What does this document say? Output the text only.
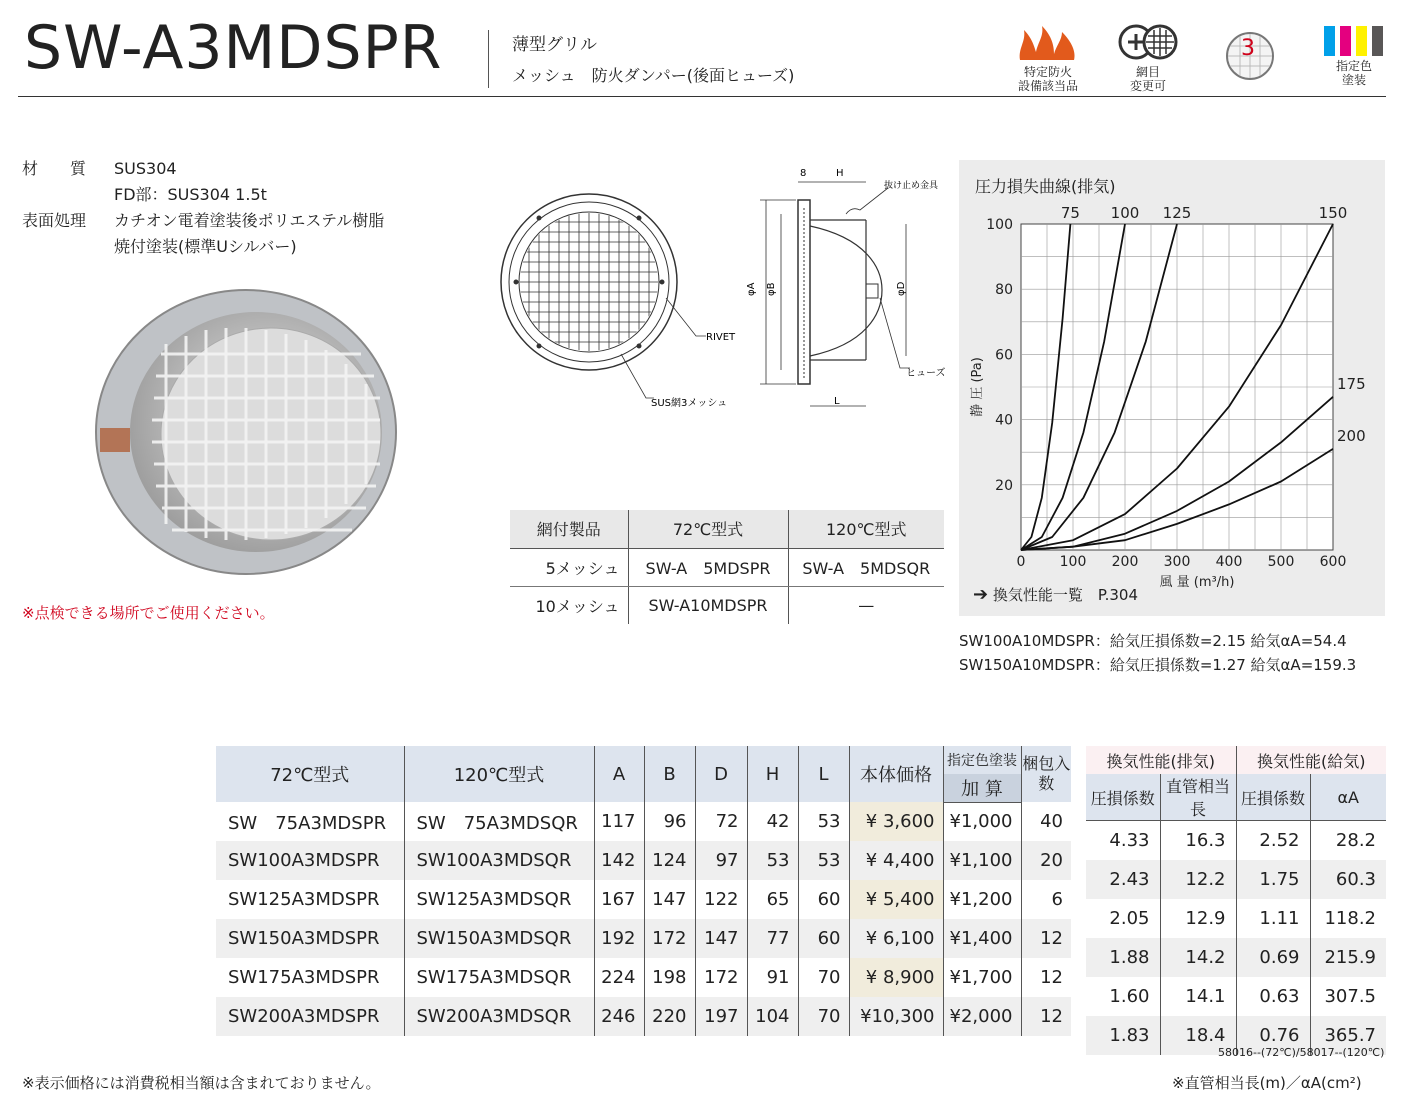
SW-A3MDSPR	薄型グリル
メッシュ　防火ダンパー(後面ヒューズ)	特定防火
設備該当品
網目
変更可
3
指定色
塗装
材　　質 SUS304
FD部：SUS304 1.5t
表面処理 カチオン電着塗装後ポリエステル樹脂
焼付塗装(標準Uシルバー)
※点検できる場所でご使用ください。
RIVET
SUS網3メッシュ
8	H
抜け止め金具
φA φB	φD
ヒューズ
L
網付製品	72℃型式	120℃型式
5メッシュ	SW-A　5MDSPR	SW-A　5MDSQR
10メッシュ	SW-A10MDSPR	—
圧力損失曲線(排気)
0 100 200 300 400 500 600
20
40
60
80
100
風 量 (m³/h)
静 圧 (Pa)
75 100 125	150
175
200
➔ 換気性能一覧　P.304
SW100A10MDSPR：給気圧損係数=2.15 給気αA=54.4
SW150A10MDSPR：給気圧損係数=1.27 給気αA=159.3
72℃型式	120℃型式	A	B	D	H	L	本体価格	指定色塗装	梱包入数
								加 算	
SW　75A3MDSPR	SW　75A3MDSQR	117	96	72	42	53	¥ 3,600	¥1,000	40
SW100A3MDSPR	SW100A3MDSQR	142	124	97	53	53	¥ 4,400	¥1,100	20
SW125A3MDSPR	SW125A3MDSQR	167	147	122	65	60	¥ 5,400	¥1,200	6
SW150A3MDSPR	SW150A3MDSQR	192	172	147	77	60	¥ 6,100	¥1,400	12
SW175A3MDSPR	SW175A3MDSQR	224	198	172	91	70	¥ 8,900	¥1,700	12
SW200A3MDSPR	SW200A3MDSQR	246	220	197	104	70	¥10,300	¥2,000	12
換気性能(排気)		換気性能(給気)	
圧損係数	直管相当長	圧損係数	αA
4.33	16.3	2.52	28.2
2.43	12.2	1.75	60.3
2.05	12.9	1.11	118.2
1.88	14.2	0.69	215.9
1.60	14.1	0.63	307.5
1.83	18.4	0.76	365.7
58016--(72℃)/58017--(120℃)
※表示価格には消費税相当額は含まれておりません。	※直管相当長(m)／αA(cm²)
